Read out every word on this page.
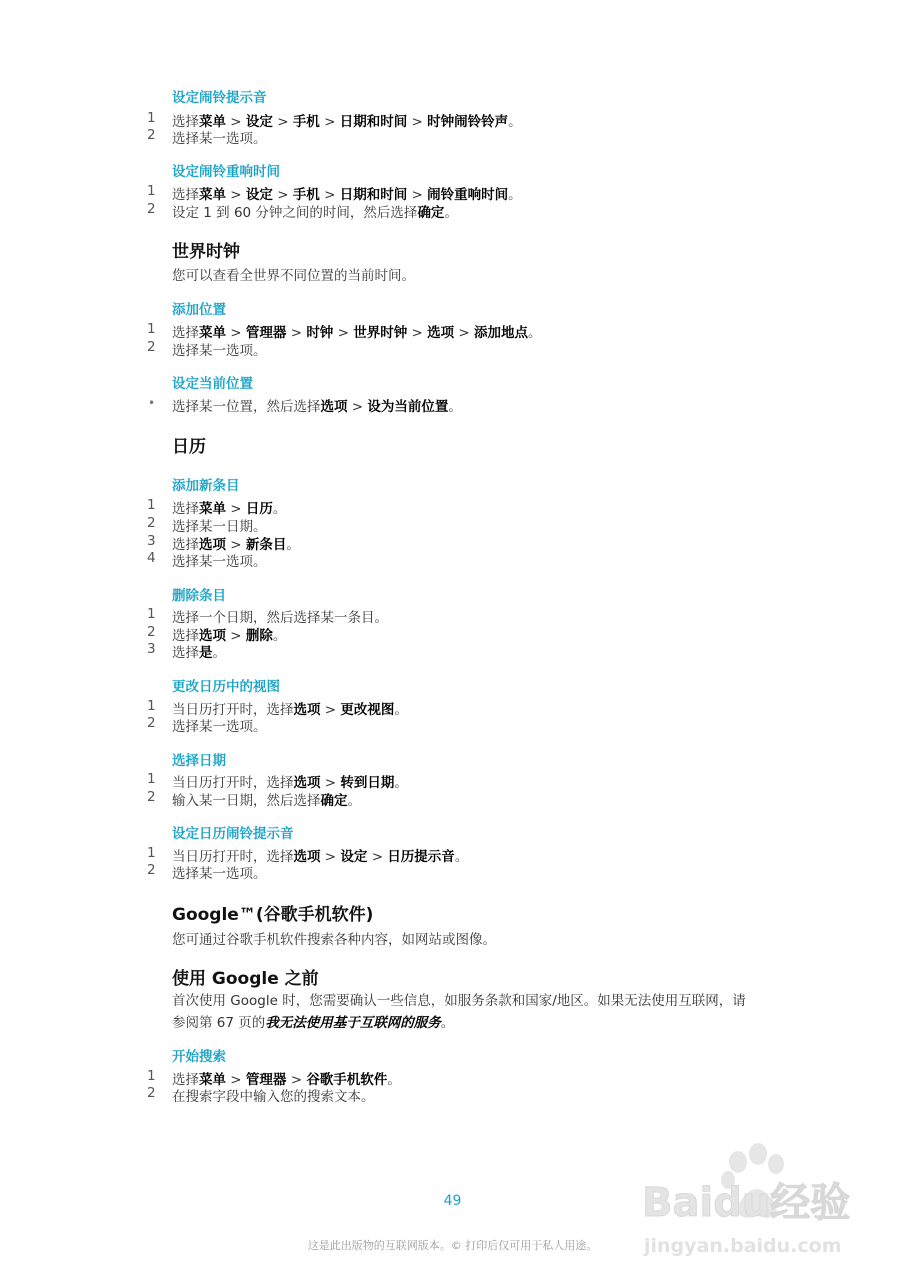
设定闹铃提示音
1	选择菜单 > 设定 > 手机 > 日期和时间 > 时钟闹铃铃声。
2	选择某一选项。
设定闹铃重响时间
1	选择菜单 > 设定 > 手机 > 日期和时间 > 闹铃重响时间。
2	设定 1 到 60 分钟之间的时间，然后选择确定。
世界时钟
您可以查看全世界不同位置的当前时间。
添加位置
1	选择菜单 > 管理器 > 时钟 > 世界时钟 > 选项 > 添加地点。
2	选择某一选项。
设定当前位置
• 选择某一位置，然后选择选项 > 设为当前位置。
日历
添加新条目
1	选择菜单 > 日历。
2	选择某一日期。
3	选择选项 > 新条目。
4	选择某一选项。
删除条目
1	选择一个日期，然后选择某一条目。
2	选择选项 > 删除。
3	选择是。
更改日历中的视图
1	当日历打开时，选择选项 > 更改视图。
2	选择某一选项。
选择日期
1	当日历打开时，选择选项 > 转到日期。
2	输入某一日期，然后选择确定。
设定日历闹铃提示音
1	当日历打开时，选择选项 > 设定 > 日历提示音。
2	选择某一选项。
Google™(谷歌手机软件)
您可通过谷歌手机软件搜索各种内容，如网站或图像。
使用 Google 之前
首次使用 Google 时，您需要确认一些信息，如服务条款和国家/地区。如果无法使用互联网，请参阅第 67 页的我无法使用基于互联网的服务。
开始搜索
1	选择菜单 > 管理器 > 谷歌手机软件。
2	在搜索字段中输入您的搜索文本。
49
这是此出版物的互联网版本。© 打印后仅可用于私人用途。
Baidu经验
jingyan.baidu.com
